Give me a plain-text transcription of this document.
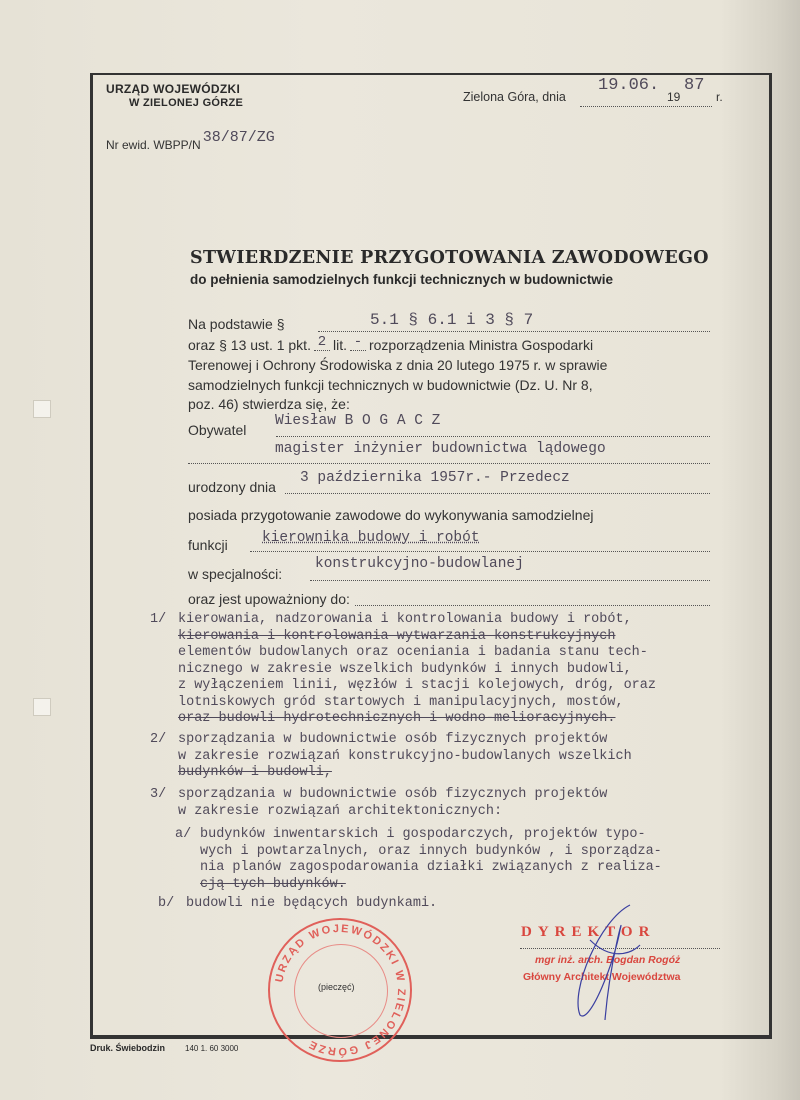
URZĄD WOJEWÓDZKI
W ZIELONEJ GÓRZE	Zielona Góra, dnia
19.06.
19
87
r.
Nr ewid. WBPP/N 38/87/ZG
STWIERDZENIE PRZYGOTOWANIA ZAWODOWEGO
do pełnienia samodzielnych funkcji technicznych w budownictwie
Na podstawie §	5.1 § 6.1 i 3 § 7
oraz § 13 ust. 1 pkt. 2 lit. - rozporządzenia Ministra Gospodarki
Terenowej i Ochrony Środowiska z dnia 20 lutego 1975 r. w sprawie
samodzielnych funkcji technicznych w budownictwie (Dz. U. Nr 8,
poz. 46) stwierdza się, że:
Obywatel
Wiesław B O G A C Z
magister inżynier budownictwa lądowego
urodzony dnia
3 października 1957r.- Przedecz
posiada przygotowanie zawodowe do wykonywania samodzielnej
funkcji kierownika budowy i robót
w specjalności:
konstrukcyjno-budowlanej
oraz jest upoważniony do:
1/ kierowania, nadzorowania i kontrolowania budowy i robót,
kierowania i kontrolowania wytwarzania konstrukcyjnych
elementów budowlanych oraz oceniania i badania stanu tech-
nicznego w zakresie wszelkich budynków i innych budowli,
z wyłączeniem linii, węzłów i stacji kolejowych, dróg, oraz
lotniskowych gród startowych i manipulacyjnych, mostów,
oraz budowli hydrotechnicznych i wodno-melioracyjnych.
2/ sporządzania w budownictwie osób fizycznych projektów
w zakresie rozwiązań konstrukcyjno-budowlanych wszelkich
budynków i budowli,
3/ sporządzania w budownictwie osób fizycznych projektów
w zakresie rozwiązań architektonicznych:
a/ budynków inwentarskich i gospodarczych, projektów typo-
wych i powtarzalnych, oraz innych budynków , i sporządza-
nia planów zagospodarowania działki związanych z realiza-
cją tych budynków.
b/ budowli nie będących budynkami.
DYREKTOR
mgr inż. arch. Bogdan Rogóż
Główny Architekt Województwa
URZĄD WOJEWÓDZKI W ZIELONEJ GÓRZE
(pieczęć)
Druk. Świebodzin 140 1. 60 3000
